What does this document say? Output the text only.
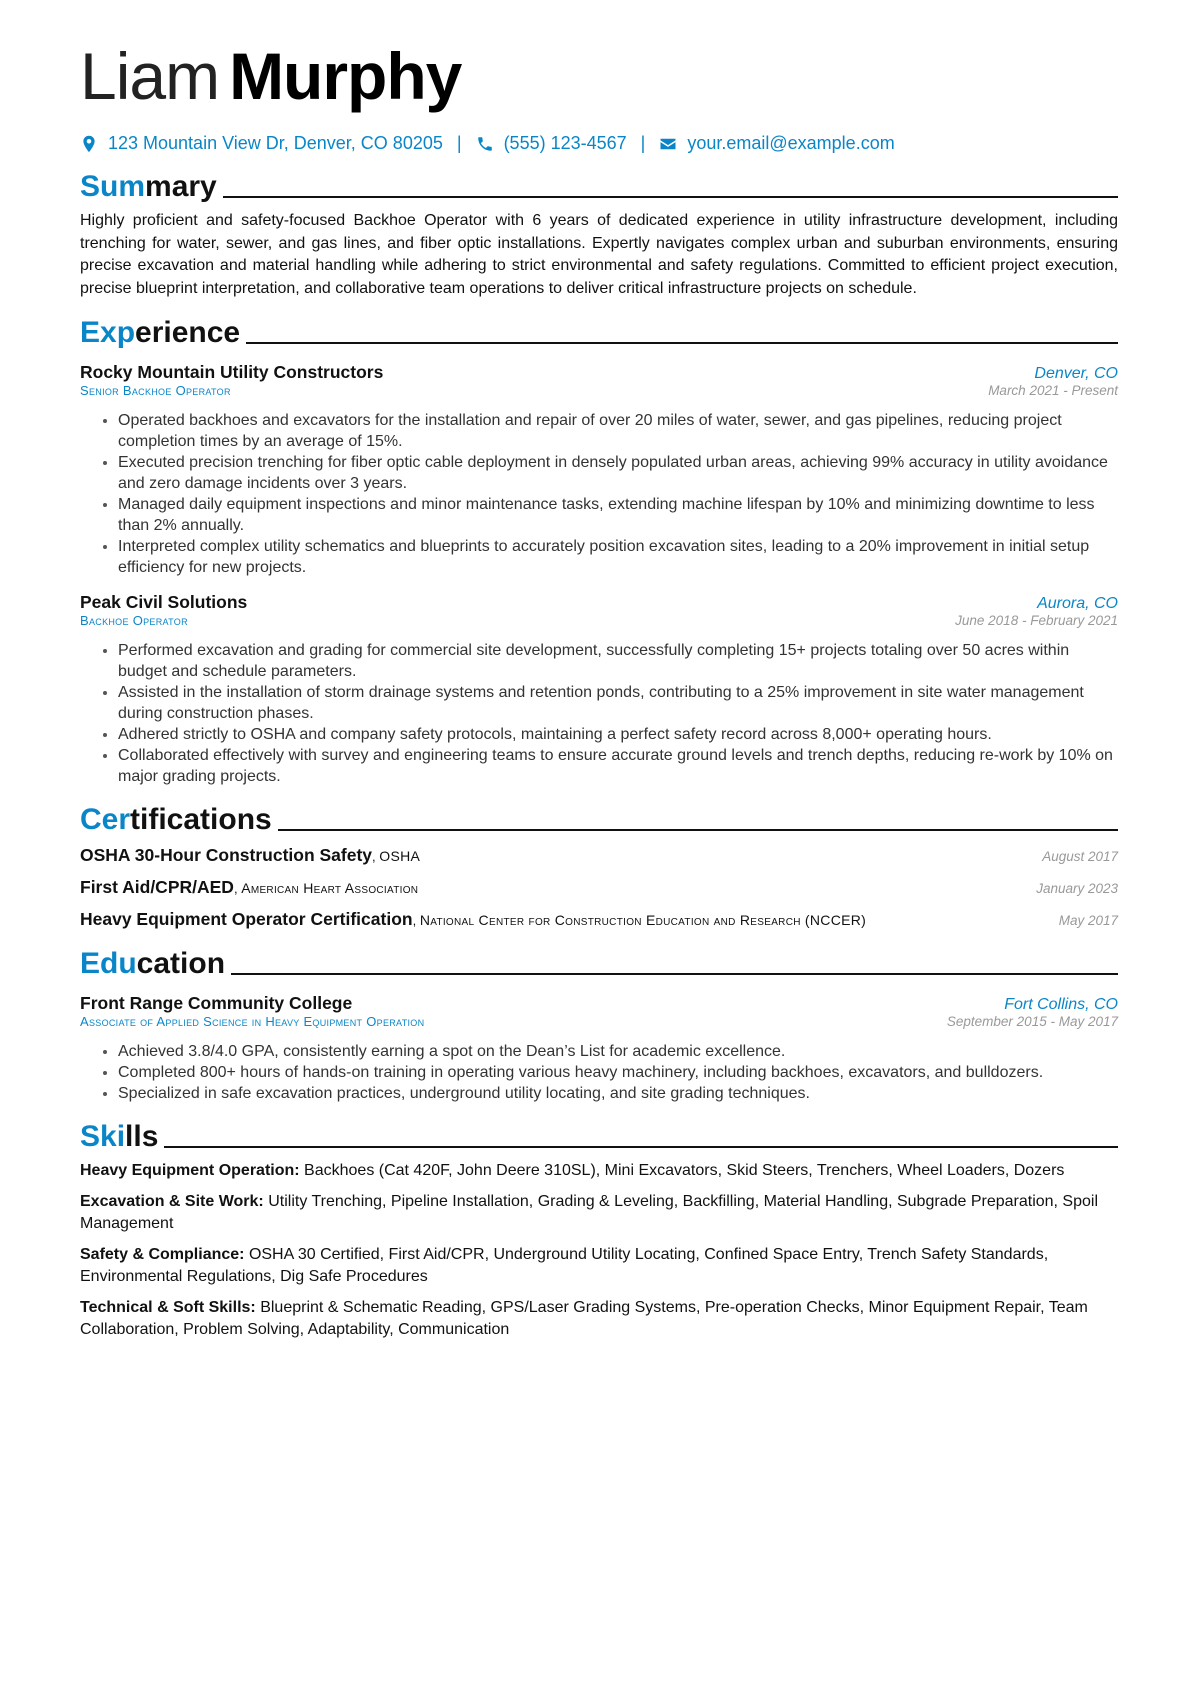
Liam Murphy
123 Mountain View Dr, Denver, CO 80205 | (555) 123-4567 | your.email@example.com
Summary
Highly proficient and safety-focused Backhoe Operator with 6 years of dedicated experience in utility infrastructure development, including trenching for water, sewer, and gas lines, and fiber optic installations. Expertly navigates complex urban and suburban environments, ensuring precise excavation and material handling while adhering to strict environmental and safety regulations. Committed to efficient project execution, precise blueprint interpretation, and collaborative team operations to deliver critical infrastructure projects on schedule.
Experience
Rocky Mountain Utility Constructors	Denver, CO
Senior Backhoe Operator	March 2021 - Present
• Operated backhoes and excavators for the installation and repair of over 20 miles of water, sewer, and gas pipelines, reducing project completion times by an average of 15%.
• Executed precision trenching for fiber optic cable deployment in densely populated urban areas, achieving 99% accuracy in utility avoidance and zero damage incidents over 3 years.
• Managed daily equipment inspections and minor maintenance tasks, extending machine lifespan by 10% and minimizing downtime to less than 2% annually.
• Interpreted complex utility schematics and blueprints to accurately position excavation sites, leading to a 20% improvement in initial setup efficiency for new projects.
Peak Civil Solutions	Aurora, CO
Backhoe Operator	June 2018 - February 2021
• Performed excavation and grading for commercial site development, successfully completing 15+ projects totaling over 50 acres within budget and schedule parameters.
• Assisted in the installation of storm drainage systems and retention ponds, contributing to a 25% improvement in site water management during construction phases.
• Adhered strictly to OSHA and company safety protocols, maintaining a perfect safety record across 8,000+ operating hours.
• Collaborated effectively with survey and engineering teams to ensure accurate ground levels and trench depths, reducing re-work by 10% on major grading projects.
Certifications
OSHA 30-Hour Construction Safety, OSHA	August 2017
First Aid/CPR/AED, American Heart Association	January 2023
Heavy Equipment Operator Certification, National Center for Construction Education and Research (NCCER)	May 2017
Education
Front Range Community College	Fort Collins, CO
Associate of Applied Science in Heavy Equipment Operation	September 2015 - May 2017
• Achieved 3.8/4.0 GPA, consistently earning a spot on the Dean’s List for academic excellence.
• Completed 800+ hours of hands-on training in operating various heavy machinery, including backhoes, excavators, and bulldozers.
• Specialized in safe excavation practices, underground utility locating, and site grading techniques.
Skills
Heavy Equipment Operation: Backhoes (Cat 420F, John Deere 310SL), Mini Excavators, Skid Steers, Trenchers, Wheel Loaders, Dozers
Excavation & Site Work: Utility Trenching, Pipeline Installation, Grading & Leveling, Backfilling, Material Handling, Subgrade Preparation, Spoil Management
Safety & Compliance: OSHA 30 Certified, First Aid/CPR, Underground Utility Locating, Confined Space Entry, Trench Safety Standards, Environmental Regulations, Dig Safe Procedures
Technical & Soft Skills: Blueprint & Schematic Reading, GPS/Laser Grading Systems, Pre-operation Checks, Minor Equipment Repair, Team Collaboration, Problem Solving, Adaptability, Communication
